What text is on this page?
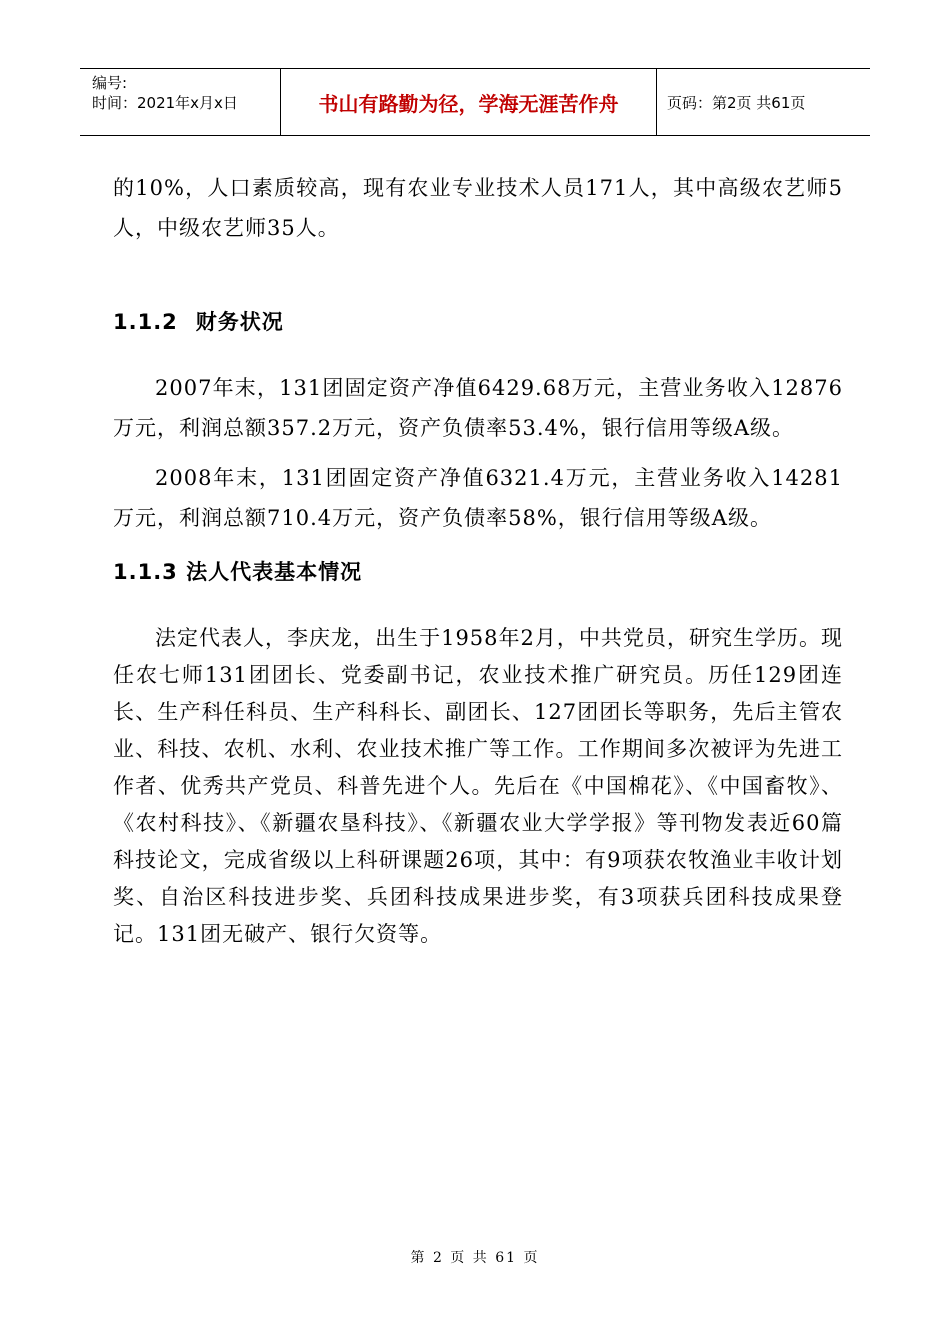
编号:
时间：2021年x月x日	书山有路勤为径，学海无涯苦作舟	页码：第2页 共61页

的10%，人口素质较高，现有农业专业技术人员171人，其中高级农艺师5人，中级农艺师35人。

1.1.2 财务状况

2007年末，131团固定资产净值6429.68万元，主营业务收入12876万元，利润总额357.2万元，资产负债率53.4%，银行信用等级A级。

2008年末，131团固定资产净值6321.4万元，主营业务收入14281万元，利润总额710.4万元，资产负债率58%，银行信用等级A级。

1.1.3 法人代表基本情况

法定代表人，李庆龙，出生于1958年2月，中共党员，研究生学历。现任农七师131团团长、党委副书记，农业技术推广研究员。历任129团连长、生产科任科员、生产科科长、副团长、127团团长等职务，先后主管农业、科技、农机、水利、农业技术推广等工作。工作期间多次被评为先进工作者、优秀共产党员、科普先进个人。先后在《中国棉花》、《中国畜牧》、《农村科技》、《新疆农垦科技》、《新疆农业大学学报》等刊物发表近60篇科技论文，完成省级以上科研课题26项，其中：有9项获农牧渔业丰收计划奖、自治区科技进步奖、兵团科技成果进步奖，有3项获兵团科技成果登记。131团无破产、银行欠资等。

第 2 页 共 61 页
